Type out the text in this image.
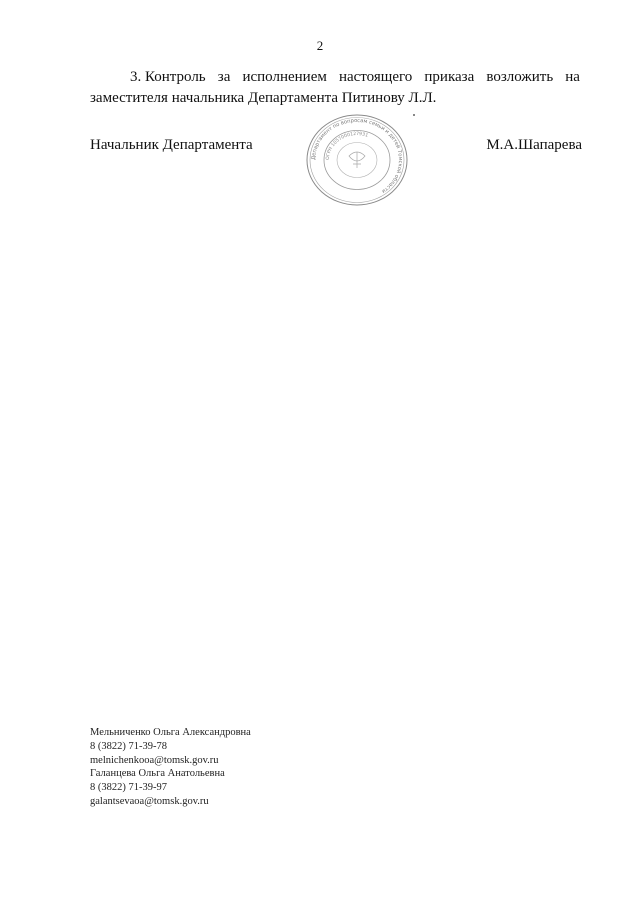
2
3. Контроль за исполнением настоящего приказа возложить на
заместителя начальника Департамента Питинову Л.Л.
Начальник Департамента
Департамент по вопросам семьи и детей Томской области
ОГРН 1057000127931
М.А.Шапарева
Мельниченко Ольга Александровна
8 (3822) 71-39-78
melnichenkooa@tomsk.gov.ru
Галанцева Ольга Анатольевна
8 (3822) 71-39-97
galantsevaoa@tomsk.gov.ru
